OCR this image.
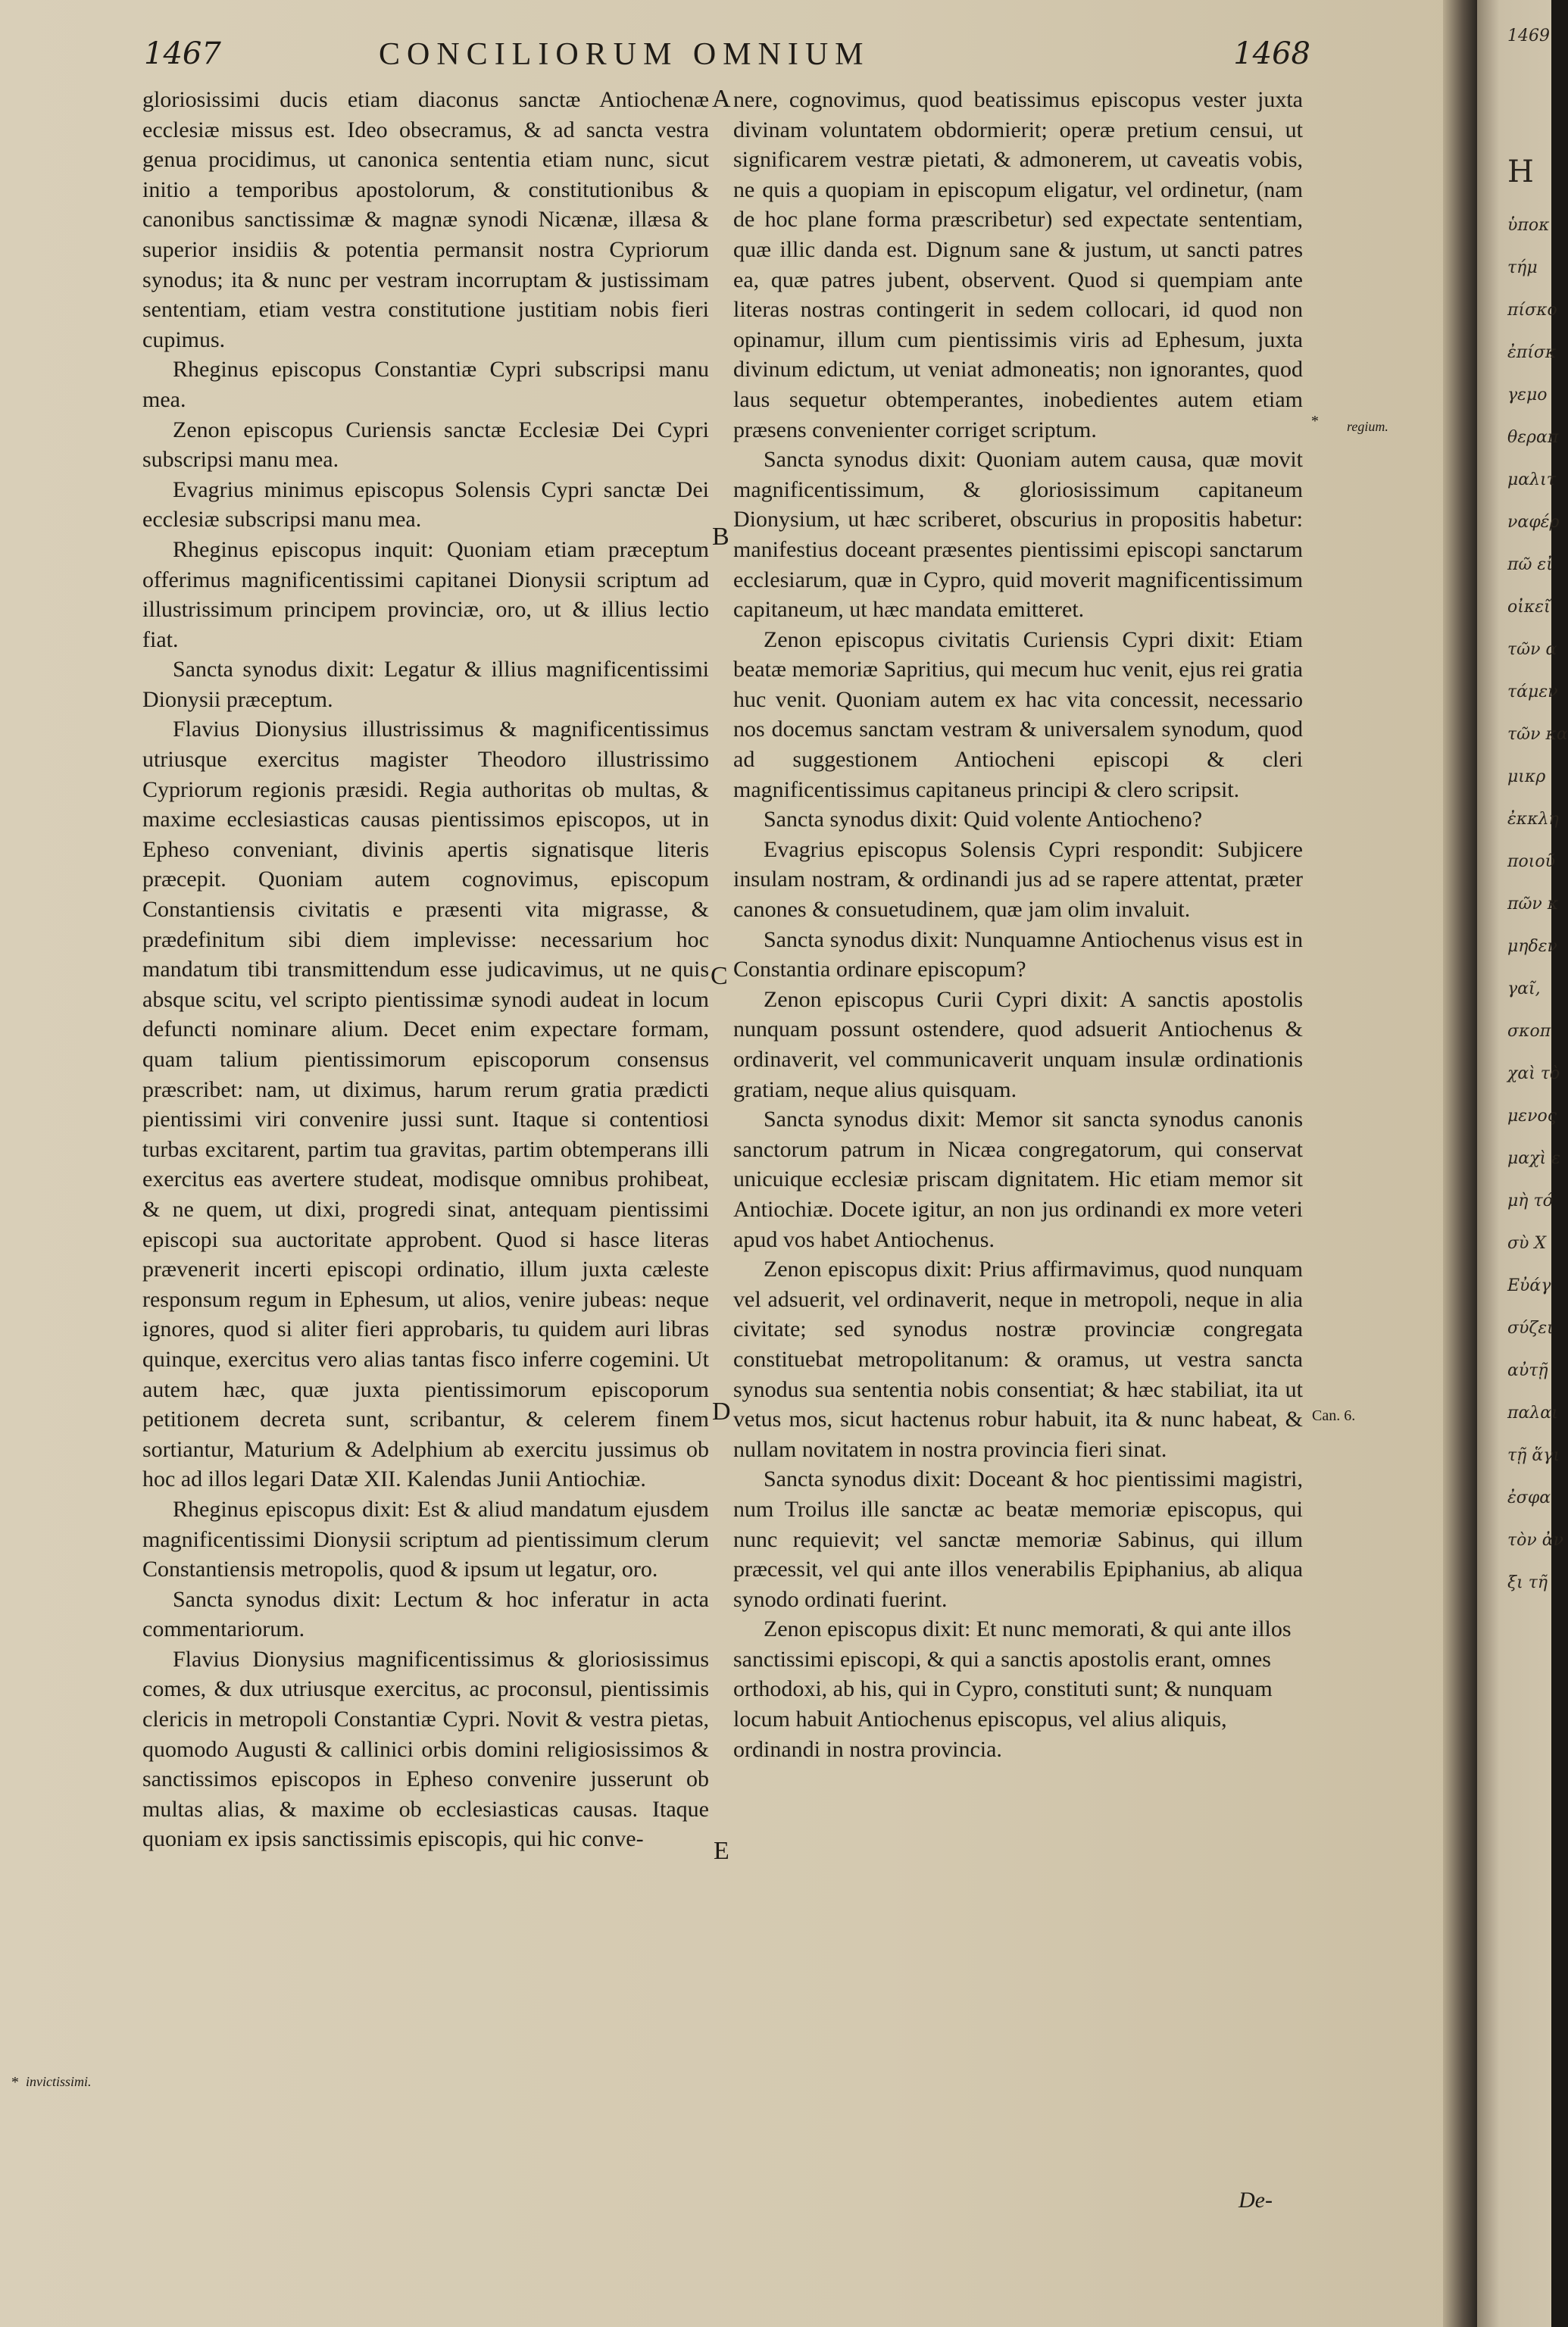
1467	CONCILIORUM OMNIUM	1468

gloriosissimi ducis etiam diaconus sanctæ Antiochenæ ecclesiæ missus est. Ideo obsecramus, & ad sancta vestra genua procidimus, ut canonica sententia etiam nunc, sicut initio a temporibus apostolorum, & constitutionibus & canonibus sanctissimæ & magnæ synodi Nicænæ, illæsa & superior insidiis & potentia permansit nostra Cypriorum synodus; ita & nunc per vestram incorruptam & justissimam sententiam, etiam vestra constitutione justitiam nobis fieri cupimus.

Rheginus episcopus Constantiæ Cypri subscripsi manu mea.

Zenon episcopus Curiensis sanctæ Ecclesiæ Dei Cypri subscripsi manu mea.

Evagrius minimus episcopus Solensis Cypri sanctæ Dei ecclesiæ subscripsi manu mea.

Rheginus episcopus inquit: Quoniam etiam præceptum offerimus magnificentissimi capitanei Dionysii scriptum ad illustrissimum principem provinciæ, oro, ut & illius lectio fiat.

Sancta synodus dixit: Legatur & illius magnificentissimi Dionysii præceptum.

Flavius Dionysius illustrissimus & magnificentissimus utriusque exercitus magister Theodoro illustrissimo Cypriorum regionis præsidi. Regia authoritas ob multas, & maxime ecclesiasticas causas pientissimos episcopos, ut in Epheso conveniant, divinis apertis signatisque literis præcepit. Quoniam autem cognovimus, episcopum Constantiensis civitatis e præsenti vita migrasse, & prædefinitum sibi diem implevisse: necessarium hoc mandatum tibi transmittendum esse judicavimus, ut ne quis absque scitu, vel scripto pientissimæ synodi audeat in locum defuncti nominare alium. Decet enim expectare formam, quam talium pientissimorum episcoporum consensus præscribet: nam, ut diximus, harum rerum gratia prædicti pientissimi viri convenire jussi sunt. Itaque si contentiosi turbas excitarent, partim tua gravitas, partim obtemperans illi exercitus eas avertere studeat, modisque omnibus prohibeat, & ne quem, ut dixi, progredi sinat, antequam pientissimi episcopi sua auctoritate approbent. Quod si hasce literas prævenerit incerti episcopi ordinatio, illum juxta cæleste responsum regum in Ephesum, ut alios, venire jubeas: neque ignores, quod si aliter fieri approbaris, tu quidem auri libras quinque, exercitus vero alias tantas fisco inferre cogemini. Ut autem hæc, quæ juxta pientissimorum episcoporum petitionem decreta sunt, scribantur, & celerem finem sortiantur, Maturium & Adelphium ab exercitu jussimus ob hoc ad illos legari Datæ XII. Kalendas Junii Antiochiæ.

Rheginus episcopus dixit: Est & aliud mandatum ejusdem magnificentissimi Dionysii scriptum ad pientissimum clerum Constantiensis metropolis, quod & ipsum ut legatur, oro.

Sancta synodus dixit: Lectum & hoc inferatur in acta commentariorum.

Flavius Dionysius magnificentissimus & gloriosissimus comes, & dux utriusque exercitus, ac proconsul, pientissimis clericis in metropoli Constantiæ Cypri. Novit & vestra pietas, quomodo Augusti & callinici orbis domini religiosissimos & sanctissimos episcopos in Epheso convenire jusserunt ob multas alias, & maxime ob ecclesiasticas causas. Itaque quoniam ex ipsis sanctissimis episcopis, qui hic conve-

nere, cognovimus, quod beatissimus episcopus vester juxta divinam voluntatem obdormierit; operæ pretium censui, ut significarem vestræ pietati, & admonerem, ut caveatis vobis, ne quis a quopiam in episcopum eligatur, vel ordinetur, (nam de hoc plane forma præscribetur) sed expectate sententiam, quæ illic danda est. Dignum sane & justum, ut sancti patres ea, quæ patres jubent, observent. Quod si quempiam ante literas nostras contingerit in sedem collocari, id quod non opinamur, illum cum pientissimis viris ad Ephesum, juxta divinum edictum, ut veniat admoneatis; non ignorantes, quod laus sequetur obtemperantes, inobedientes autem etiam præsens convenienter corriget scriptum.

Sancta synodus dixit: Quoniam autem causa, quæ movit magnificentissimum, & gloriosissimum capitaneum Dionysium, ut hæc scriberet, obscurius in propositis habetur: manifestius doceant præsentes pientissimi episcopi sanctarum ecclesiarum, quæ in Cypro, quid moverit magnificentissimum capitaneum, ut hæc mandata emitteret.

Zenon episcopus civitatis Curiensis Cypri dixit: Etiam beatæ memoriæ Sapritius, qui mecum huc venit, ejus rei gratia huc venit. Quoniam autem ex hac vita concessit, necessario nos docemus sanctam vestram & universalem synodum, quod ad suggestionem Antiocheni episcopi & cleri magnificentissimus capitaneus principi & clero scripsit.

Sancta synodus dixit: Quid volente Antiocheno?

Evagrius episcopus Solensis Cypri respondit: Subjicere insulam nostram, & ordinandi jus ad se rapere attentat, præter canones & consuetudinem, quæ jam olim invaluit.

Sancta synodus dixit: Nunquamne Antiochenus visus est in Constantia ordinare episcopum?

Zenon episcopus Curii Cypri dixit: A sanctis apostolis nunquam possunt ostendere, quod adsuerit Antiochenus & ordinaverit, vel communicaverit unquam insulæ ordinationis gratiam, neque alius quisquam.

Sancta synodus dixit: Memor sit sancta synodus canonis sanctorum patrum in Nicæa congregatorum, qui conservat unicuique ecclesiæ priscam dignitatem. Hic etiam memor sit Antiochiæ. Docete igitur, an non jus ordinandi ex more veteri apud vos habet Antiochenus.

Zenon episcopus dixit: Prius affirmavimus, quod nunquam vel adsuerit, vel ordinaverit, neque in metropoli, neque in alia civitate; sed synodus nostræ provinciæ congregata constituebat metropolitanum: & oramus, ut vestra sancta synodus sua sententia nobis consentiat; & hæc stabiliat, ita ut vetus mos, sicut hactenus robur habuit, ita & nunc habeat, & nullam novitatem in nostra provincia fieri sinat.

Sancta synodus dixit: Doceant & hoc pientissimi magistri, num Troilus ille sanctæ ac beatæ memoriæ episcopus, qui nunc requievit; vel sanctæ memoriæ Sabinus, qui illum præcessit, vel qui ante illos venerabilis Epiphanius, ab aliqua synodo ordinati fuerint.

Zenon episcopus dixit: Et nunc memorati, & qui ante illos sanctissimi episcopi, & qui a sanctis apostolis erant, omnes orthodoxi, ab his, qui in Cypro, constituti sunt; & nunquam locum habuit Antiochenus episcopus, vel alius aliquis, ordinandi in nostra provincia.

A
B
C
D
E
* regium.
* invictissimi.
Can. 6.
De-
1469
H
ὑποκ
τήμ
πίσκο
ἐπίσκ
γεμο
θεραπ
μαλιτ
ναφέρ
πῶ εἰ
οἰκεῖ
τῶν α
τάμεν
τῶν κα
μικρ
ἐκκλη
ποιοῦ
πῶν κ
μηδεν
γαῖ,
σκοπ
χαὶ τὸ
μενος
μαχὶ ε
μὴ τό
σὺ Χ
Εὐάγ
σύζει
αὐτῇ
παλαι
τῇ ἅγι
ἐσφα
τὸν ἀν
ξι τῆ
